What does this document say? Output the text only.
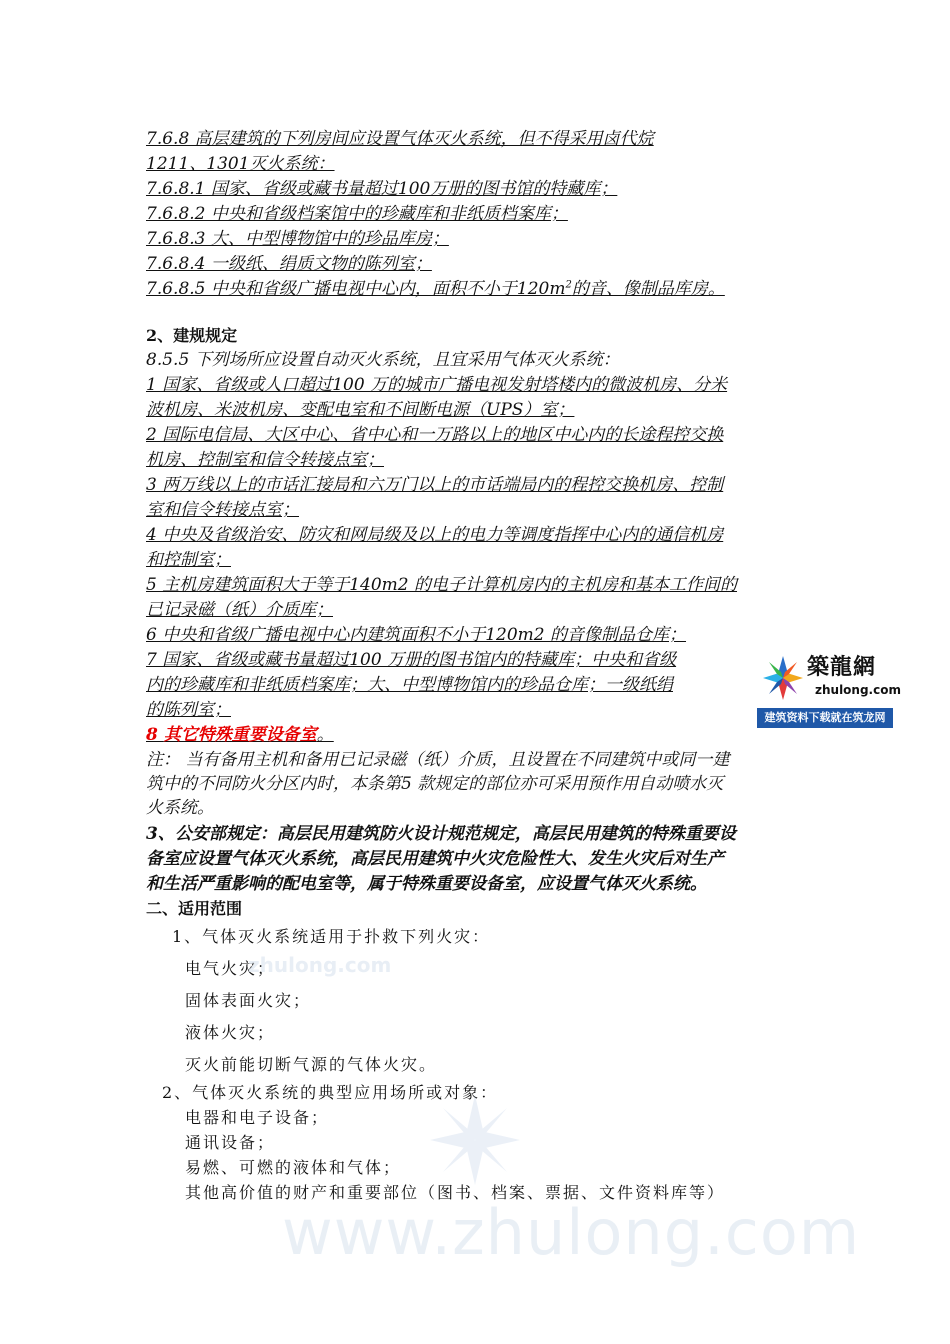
7.6.8 高层建筑的下列房间应设置气体灭火系统，但不得采用卤代烷
1211、1301灭火系统：
7.6.8.1 国家、省级或藏书量超过100万册的图书馆的特藏库；
7.6.8.2 中央和省级档案馆中的珍藏库和非纸质档案库；
7.6.8.3 大、中型博物馆中的珍品库房；
7.6.8.4 一级纸、绢质文物的陈列室；
7.6.8.5 中央和省级广播电视中心内，面积不小于$120m^2$的音、像制品库房。
2、建规规定
8.5.5 下列场所应设置自动灭火系统，且宜采用气体灭火系统：
1 国家、省级或人口超过100 万的城市广播电视发射塔楼内的微波机房、分米
波机房、米波机房、变配电室和不间断电源（UPS）室；
2 国际电信局、大区中心、省中心和一万路以上的地区中心内的长途程控交换
机房、控制室和信令转接点室；
3 两万线以上的市话汇接局和六万门以上的市话端局内的程控交换机房、控制
室和信令转接点室；
4 中央及省级治安、防灾和网局级及以上的电力等调度指挥中心内的通信机房
和控制室；
5 主机房建筑面积大于等于140m2 的电子计算机房内的主机房和基本工作间的
已记录磁（纸）介质库；
6 中央和省级广播电视中心内建筑面积不小于120m2 的音像制品仓库；
7 国家、省级或藏书量超过100 万册的图书馆内的特藏库；中央和省级
内的珍藏库和非纸质档案库；大、中型博物馆内的珍品仓库；一级纸绢
的陈列室；
8 其它特殊重要设备室。
注： 当有备用主机和备用已记录磁（纸）介质，且设置在不同建筑中或同一建
筑中的不同防火分区内时，本条第5 款规定的部位亦可采用预作用自动喷水灭
火系统。
3、公安部规定：高层民用建筑防火设计规范规定，高层民用建筑的特殊重要设
备室应设置气体灭火系统，高层民用建筑中火灾危险性大、发生火灾后对生产
和生活严重影响的配电室等，属于特殊重要设备室，应设置气体灭火系统。
二、适用范围
1、气体灭火系统适用于扑救下列火灾：
电气火灾；
固体表面火灾；
液体火灾；
灭火前能切断气源的气体火灾。
2、气体灭火系统的典型应用场所或对象：
电器和电子设备；
通讯设备；
易燃、可燃的液体和气体；
其他高价值的财产和重要部位（图书、档案、票据、文件资料库等）
zhulong.com
www.zhulong.com
築龍網
zhulong.com
建筑资料下载就在筑龙网
